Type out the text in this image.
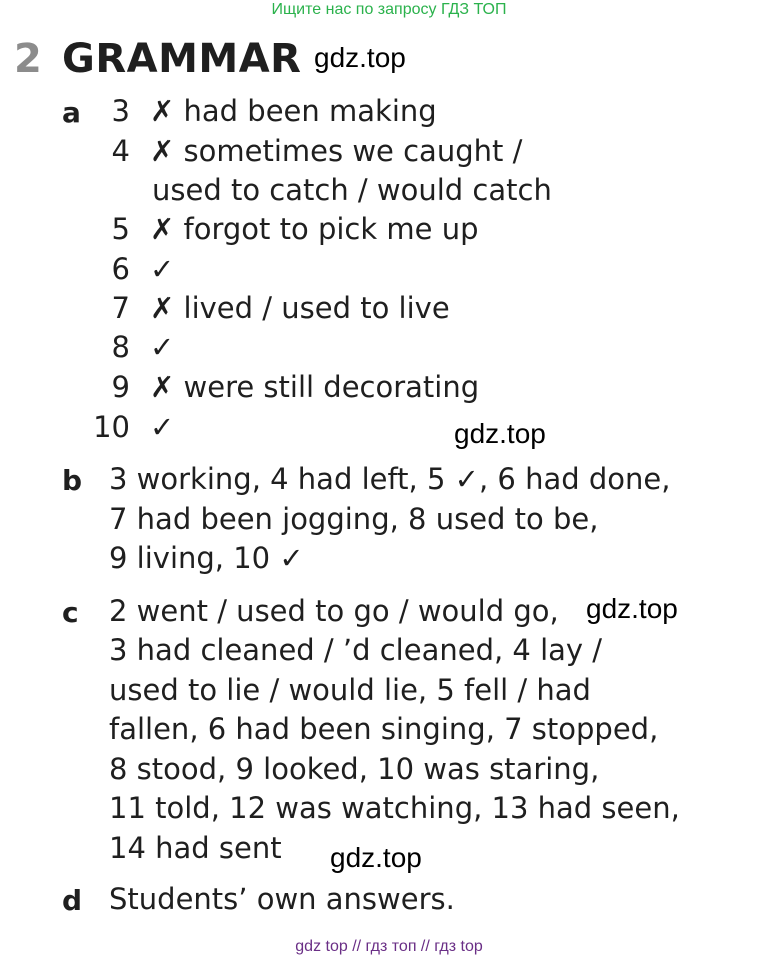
Ищите нас по запросу ГДЗ ТОП
2 GRAMMAR gdz.top
a	3 ✗ had been making
4 ✗ sometimes we caught /
used to catch / would catch
5 ✗ forgot to pick me up
6 ✓
7 ✗ lived / used to live
8 ✓
9 ✗ were still decorating
10 ✓	gdz.top
b 3 working, 4 had left, 5 ✓, 6 had done,
7 had been jogging, 8 used to be,
9 living, 10 ✓
c 2 went / used to go / would go, gdz.top
3 had cleaned / ’d cleaned, 4 lay /
used to lie / would lie, 5 fell / had
fallen, 6 had been singing, 7 stopped,
8 stood, 9 looked, 10 was staring,
11 told, 12 was watching, 13 had seen,
14 had sent gdz.top
d Students’ own answers.
gdz top // гдз топ // гдз top
